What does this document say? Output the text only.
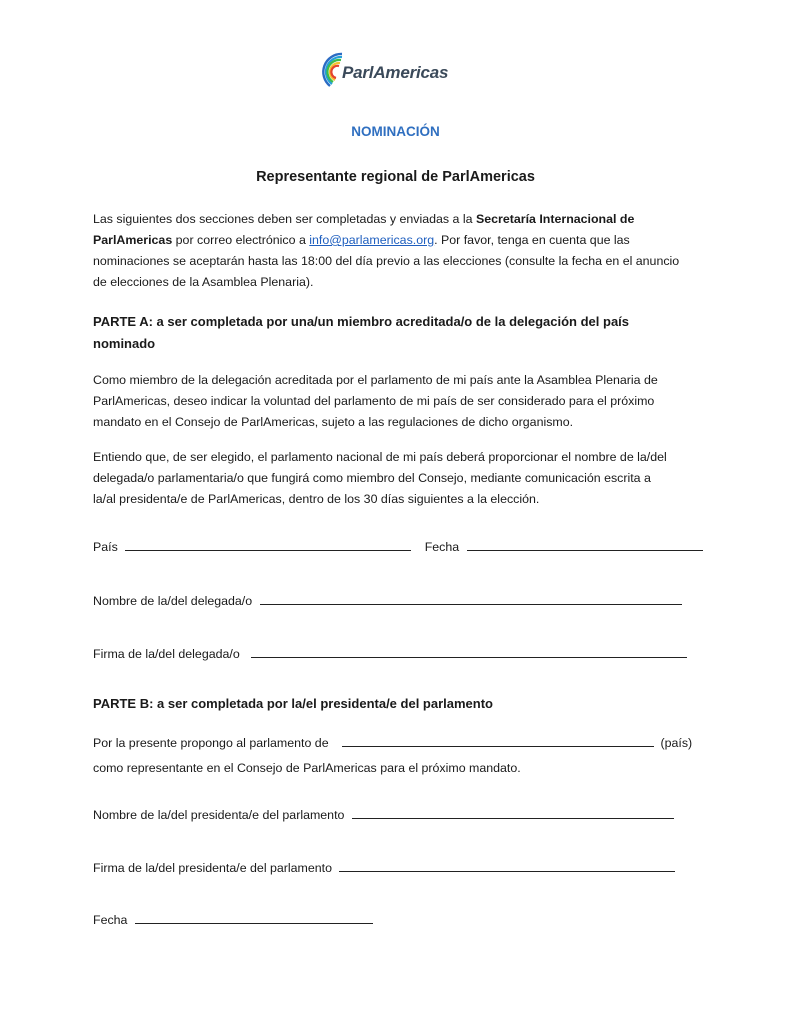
ParlAmericas
NOMINACIÓN
Representante regional de ParlAmericas
Las siguientes dos secciones deben ser completadas y enviadas a la Secretaría Internacional de
ParlAmericas por correo electrónico a info@parlamericas.org. Por favor, tenga en cuenta que las
nominaciones se aceptarán hasta las 18:00 del día previo a las elecciones (consulte la fecha en el anuncio
de elecciones de la Asamblea Plenaria).
PARTE A: a ser completada por una/un miembro acreditada/o de la delegación del país
nominado
Como miembro de la delegación acreditada por el parlamento de mi país ante la Asamblea Plenaria de
ParlAmericas, deseo indicar la voluntad del parlamento de mi país de ser considerado para el próximo
mandato en el Consejo de ParlAmericas, sujeto a las regulaciones de dicho organismo.
Entiendo que, de ser elegido, el parlamento nacional de mi país deberá proporcionar el nombre de la/del
delegada/o parlamentaria/o que fungirá como miembro del Consejo, mediante comunicación escrita a
la/al presidenta/e de ParlAmericas, dentro de los 30 días siguientes a la elección.
País	Fecha
Nombre de la/del delegada/o
Firma de la/del delegada/o
PARTE B: a ser completada por la/el presidenta/e del parlamento
Por la presente propongo al parlamento de	(país)
como representante en el Consejo de ParlAmericas para el próximo mandato.
Nombre de la/del presidenta/e del parlamento
Firma de la/del presidenta/e del parlamento
Fecha
